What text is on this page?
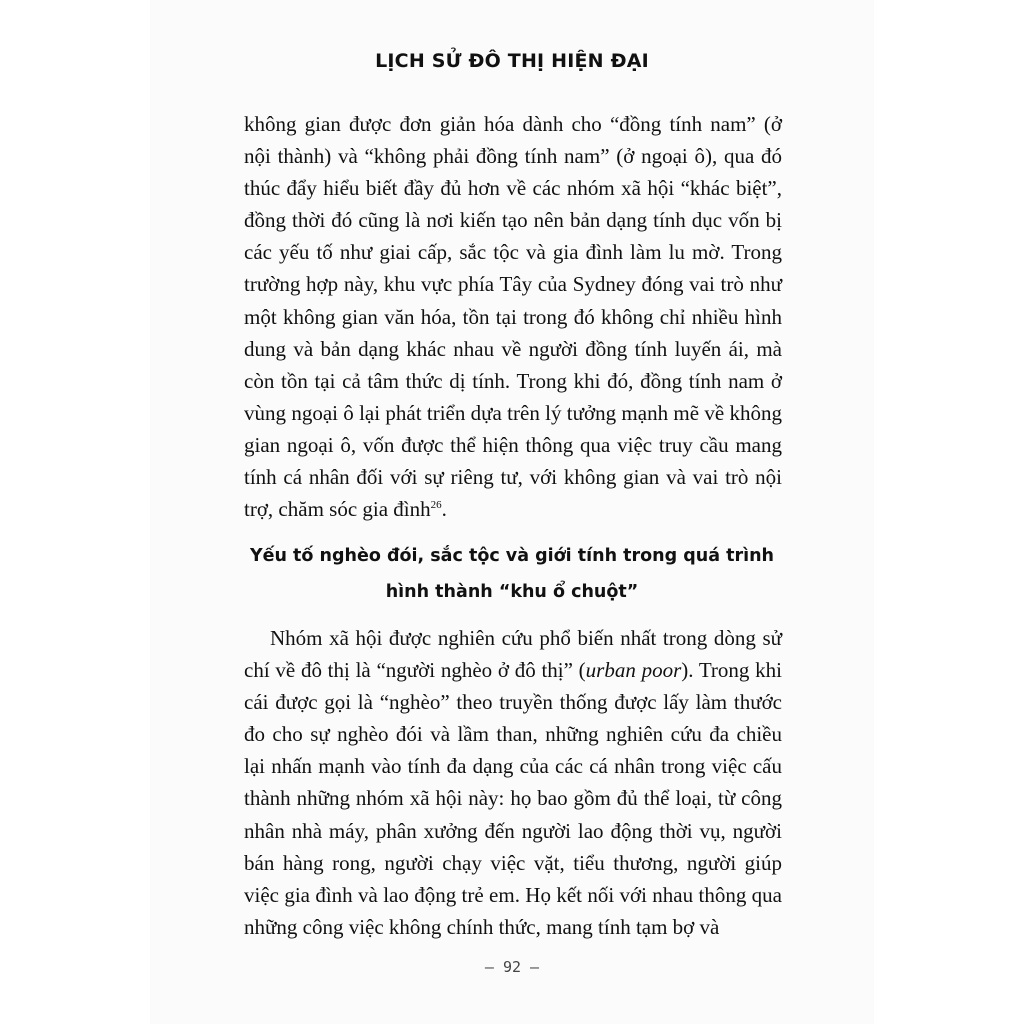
LỊCH SỬ ĐÔ THỊ HIỆN ĐẠI
không gian được đơn giản hóa dành cho “đồng tính nam” (ở nội thành) và “không phải đồng tính nam” (ở ngoại ô), qua đó thúc đẩy hiểu biết đầy đủ hơn về các nhóm xã hội “khác biệt”, đồng thời đó cũng là nơi kiến tạo nên bản dạng tính dục vốn bị các yếu tố như giai cấp, sắc tộc và gia đình làm lu mờ. Trong trường hợp này, khu vực phía Tây của Sydney đóng vai trò như một không gian văn hóa, tồn tại trong đó không chỉ nhiều hình dung và bản dạng khác nhau về người đồng tính luyến ái, mà còn tồn tại cả tâm thức dị tính. Trong khi đó, đồng tính nam ở vùng ngoại ô lại phát triển dựa trên lý tưởng mạnh mẽ về không gian ngoại ô, vốn được thể hiện thông qua việc truy cầu mang tính cá nhân đối với sự riêng tư, với không gian và vai trò nội trợ, chăm sóc gia đình$^{26}$.
Yếu tố nghèo đói, sắc tộc và giới tính trong quá trình
hình thành “khu ổ chuột”
Nhóm xã hội được nghiên cứu phổ biến nhất trong dòng sử chí về đô thị là “người nghèo ở đô thị” (urban poor). Trong khi cái được gọi là “nghèo” theo truyền thống được lấy làm thước đo cho sự nghèo đói và lầm than, những nghiên cứu đa chiều lại nhấn mạnh vào tính đa dạng của các cá nhân trong việc cấu thành những nhóm xã hội này: họ bao gồm đủ thể loại, từ công nhân nhà máy, phân xưởng đến người lao động thời vụ, người bán hàng rong, người chạy việc vặt, tiểu thương, người giúp việc gia đình và lao động trẻ em. Họ kết nối với nhau thông qua những công việc không chính thức, mang tính tạm bợ và
– 92 –
